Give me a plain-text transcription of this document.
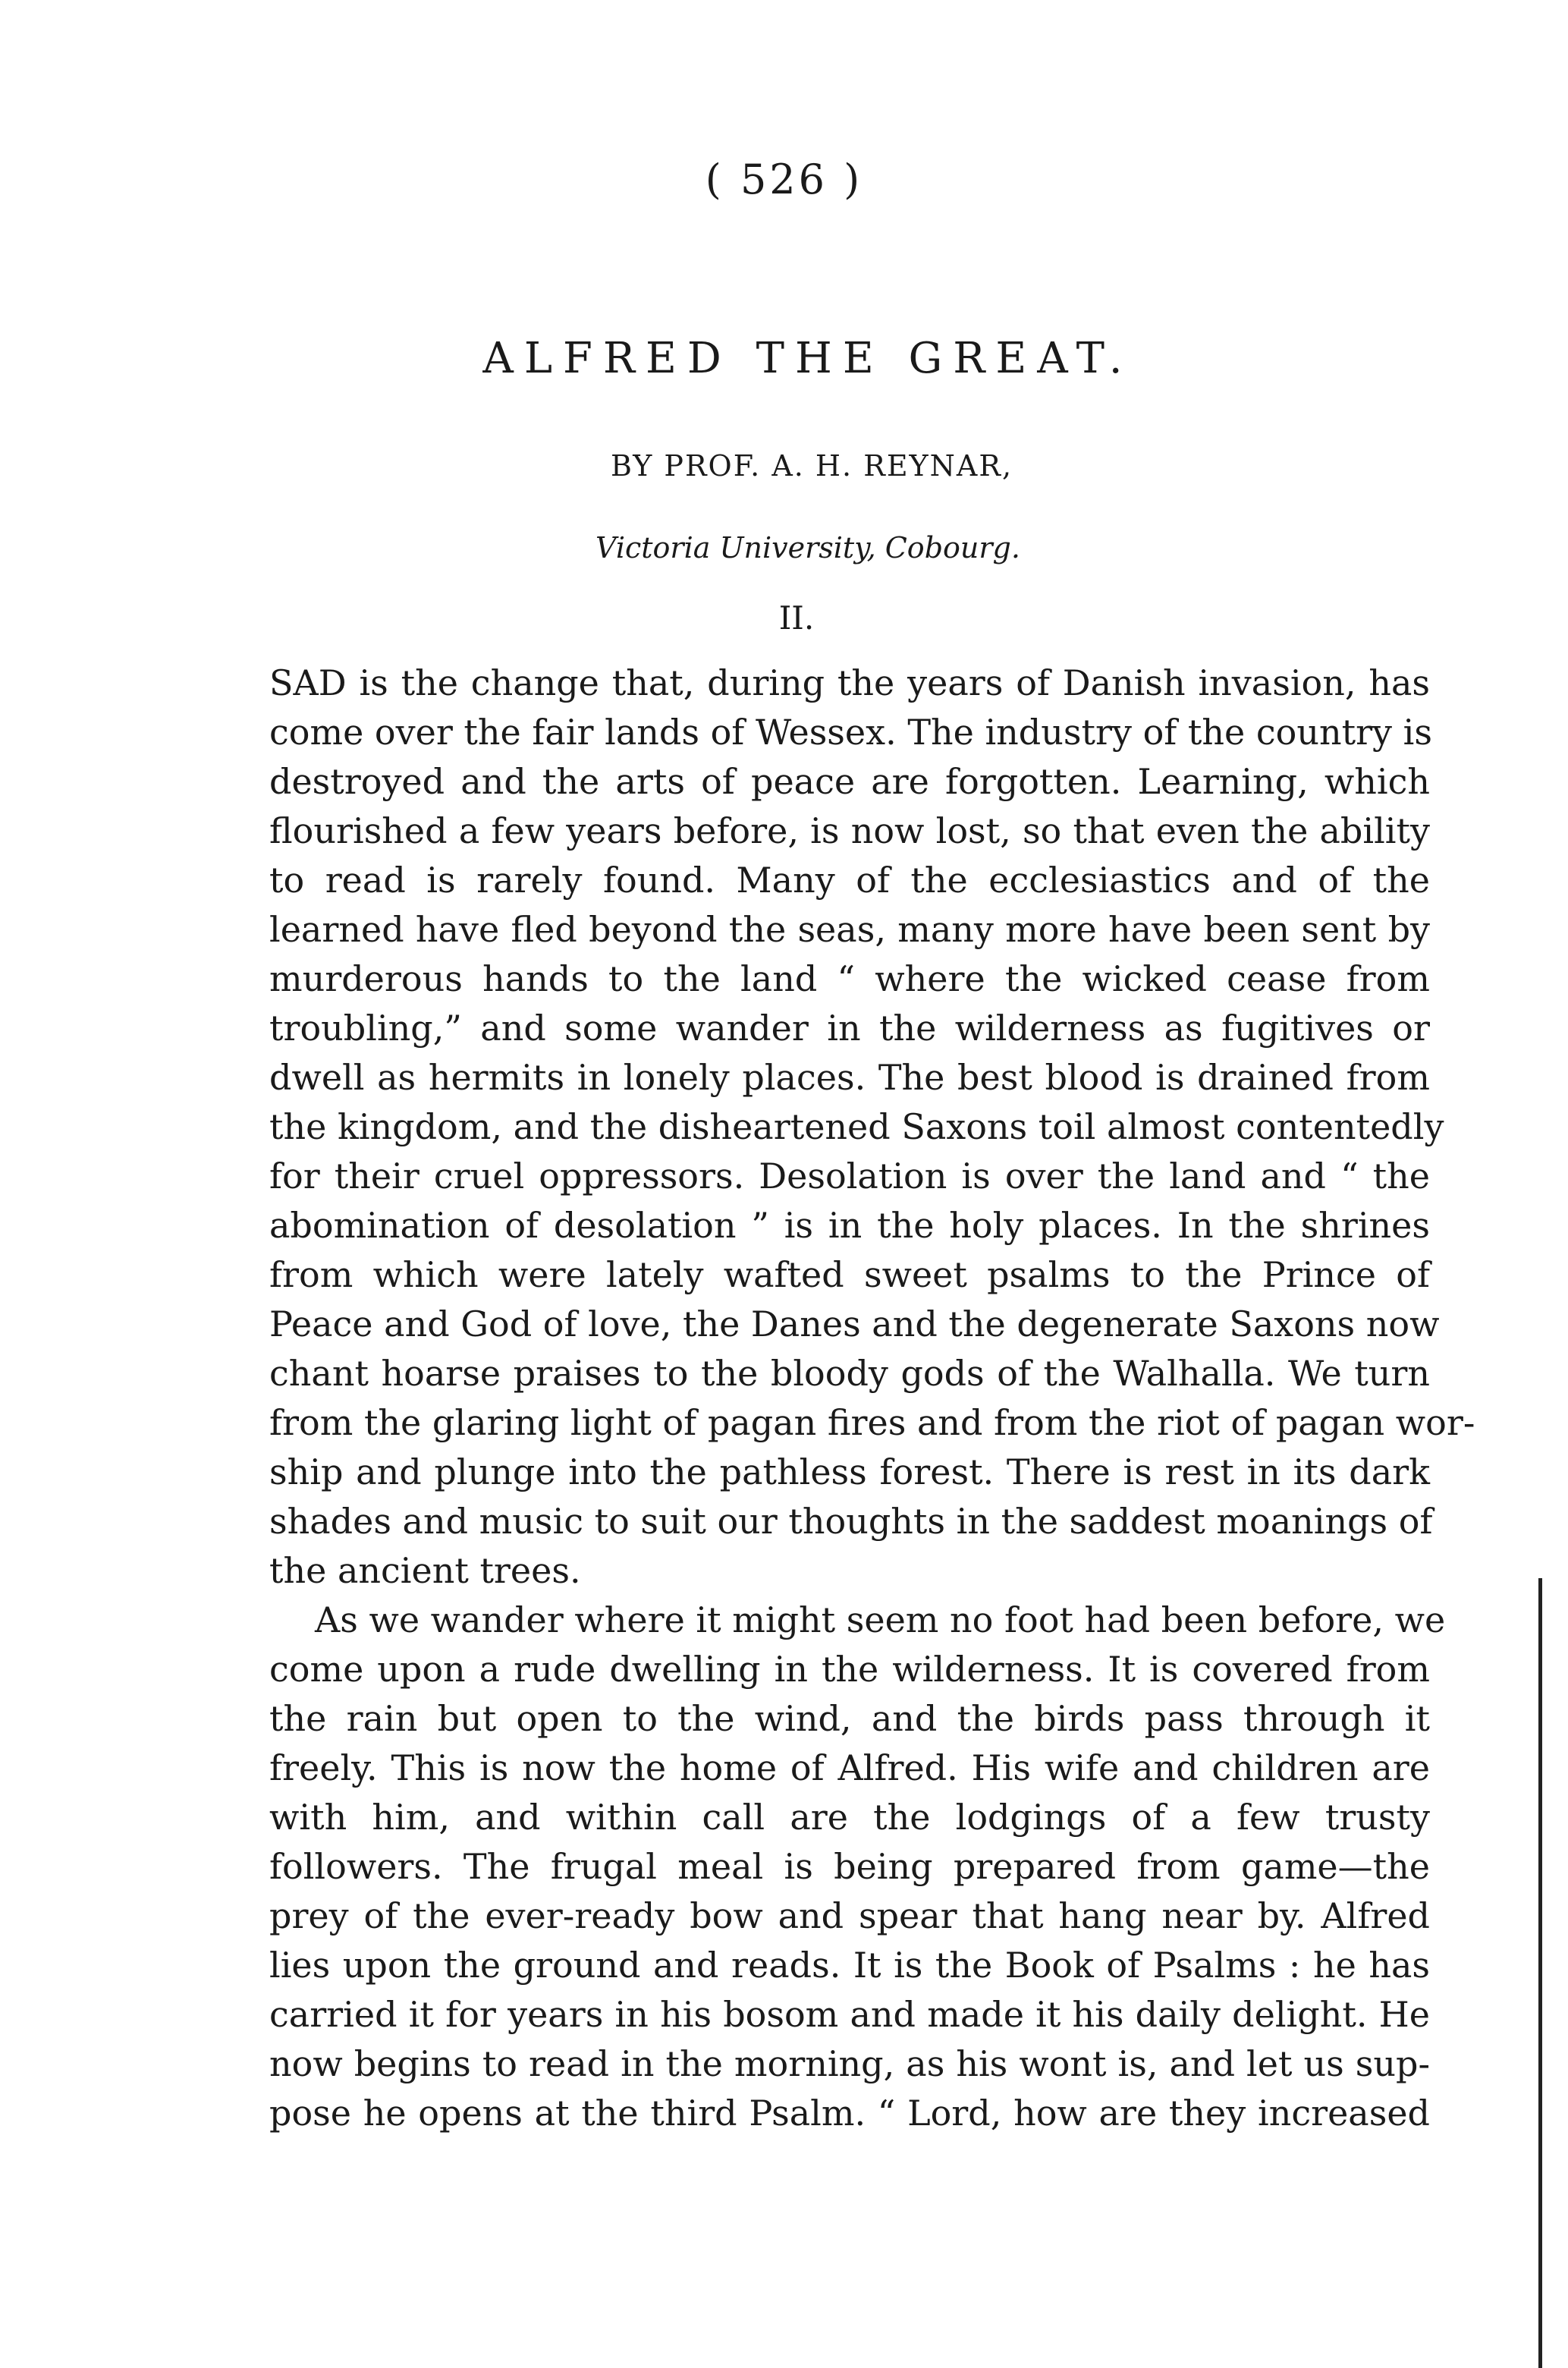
( 526 )
ALFRED THE GREAT.
BY PROF. A. H. REYNAR,
Victoria University, Cobourg.
II.
SAD is the change that, during the years of Danish invasion, has
come over the fair lands of Wessex. The industry of the country is
destroyed and the arts of peace are forgotten. Learning, which
flourished a few years before, is now lost, so that even the ability
to read is rarely found. Many of the ecclesiastics and of the
learned have fled beyond the seas, many more have been sent by
murderous hands to the land “ where the wicked cease from
troubling,” and some wander in the wilderness as fugitives or
dwell as hermits in lonely places. The best blood is drained from
the kingdom, and the disheartened Saxons toil almost contentedly
for their cruel oppressors. Desolation is over the land and “ the
abomination of desolation ” is in the holy places. In the shrines
from which were lately wafted sweet psalms to the Prince of
Peace and God of love, the Danes and the degenerate Saxons now
chant hoarse praises to the bloody gods of the Walhalla. We turn
from the glaring light of pagan fires and from the riot of pagan wor-
ship and plunge into the pathless forest. There is rest in its dark
shades and music to suit our thoughts in the saddest moanings of
the ancient trees.
As we wander where it might seem no foot had been before, we
come upon a rude dwelling in the wilderness. It is covered from
the rain but open to the wind, and the birds pass through it
freely. This is now the home of Alfred. His wife and children are
with him, and within call are the lodgings of a few trusty
followers. The frugal meal is being prepared from game—the
prey of the ever-ready bow and spear that hang near by. Alfred
lies upon the ground and reads. It is the Book of Psalms : he has
carried it for years in his bosom and made it his daily delight. He
now begins to read in the morning, as his wont is, and let us sup-
pose he opens at the third Psalm. “ Lord, how are they increased
